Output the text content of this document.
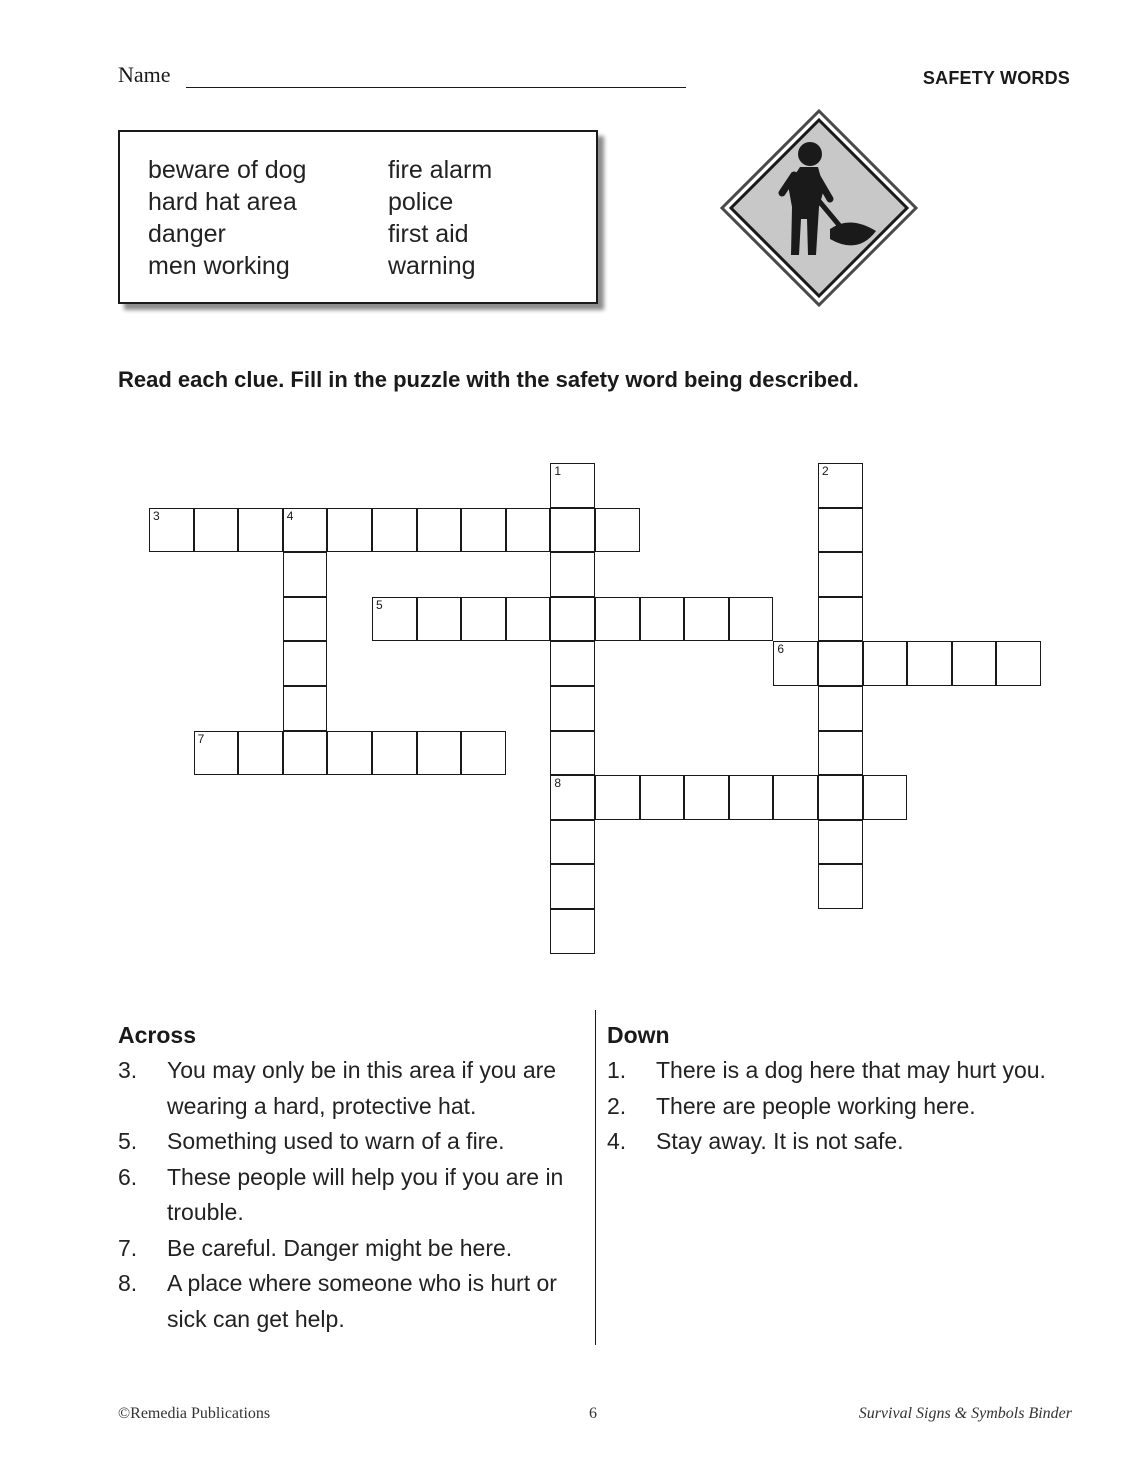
Name	SAFETY WORDS
beware of dog
hard hat area
danger
men working
fire alarm
police
first aid
warning
Read each clue. Fill in the puzzle with the safety word being described.
1
8
2
3	4
5
6
7
Across
3.	You may only be in this area if you are wearing a hard, protective hat.
5.	Something used to warn of a fire.
6.	These people will help you if you are in trouble.
7.	Be careful. Danger might be here.
8.	A place where someone who is hurt or sick can get help.
Down
1.	There is a dog here that may hurt you.
2.	There are people working here.
4.	Stay away. It is not safe.
©Remedia Publications	6	Survival Signs & Symbols Binder
